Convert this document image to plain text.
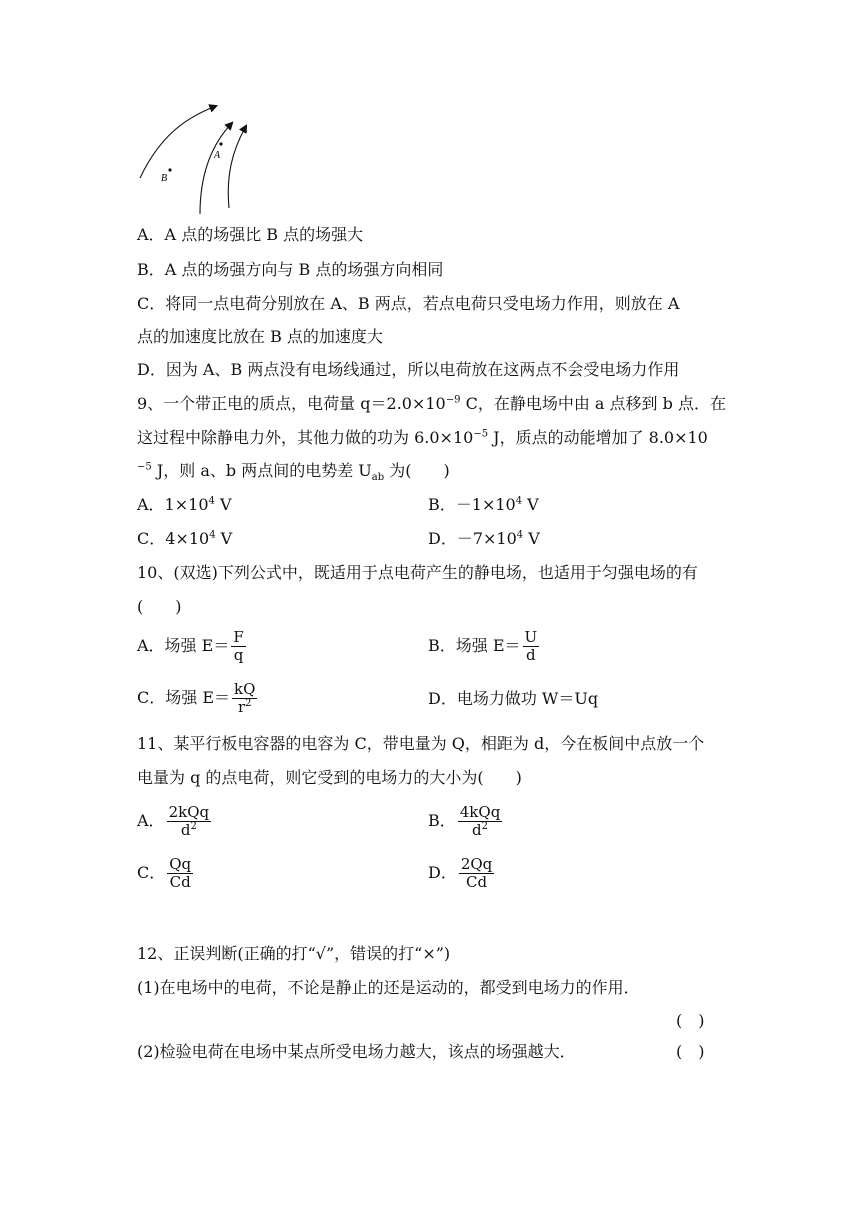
A
B
A．A 点的场强比 B 点的场强大
B．A 点的场强方向与 B 点的场强方向相同
C．将同一点电荷分别放在 A、B 两点，若点电荷只受电场力作用，则放在 A
点的加速度比放在 B 点的加速度大
D．因为 A、B 两点没有电场线通过，所以电荷放在这两点不会受电场力作用
9、一个带正电的质点，电荷量 $q=2.0\times 10^{-9}$ C，在静电场中由 a 点移到 b 点．在
这过程中除静电力外，其他力做的功为 $6.0\times 10^{-5}$ J，质点的动能增加了 8.0×10
$^{-5}$ J，则 a、b 两点间的电势差 $U_{ab}$ 为(　　)
A．$1\times 10^4$ V	B．$-1\times 10^4$ V
C．$4\times 10^4$ V	D．$-7\times 10^4$ V
10、(双选)下列公式中，既适用于点电荷产生的静电场，也适用于匀强电场的有
(　　)
A．场强 $E= \frac{F}{q}$	B．场强 $E= \frac{U}{d}$
C．场强 $E= \frac{kQ}{r^2}$	D．电场力做功 W＝Uq
11、某平行板电容器的电容为 C，带电量为 Q，相距为 d，今在板间中点放一个
电量为 q 的点电荷，则它受到的电场力的大小为(　　)
A． $\frac{\text{2kQq}}{d^2}$	B． $\frac{\text{4kQq}}{d^2}$
C． $\frac{Qq}{Cd}$	D． $\frac{2Qq}{Cd}$
12、正误判断(正确的打“√”，错误的打“×”)
(1)在电场中的电荷，不论是静止的还是运动的，都受到电场力的作用．
(　)
(2)检验电荷在电场中某点所受电场力越大，该点的场强越大．	(　)
